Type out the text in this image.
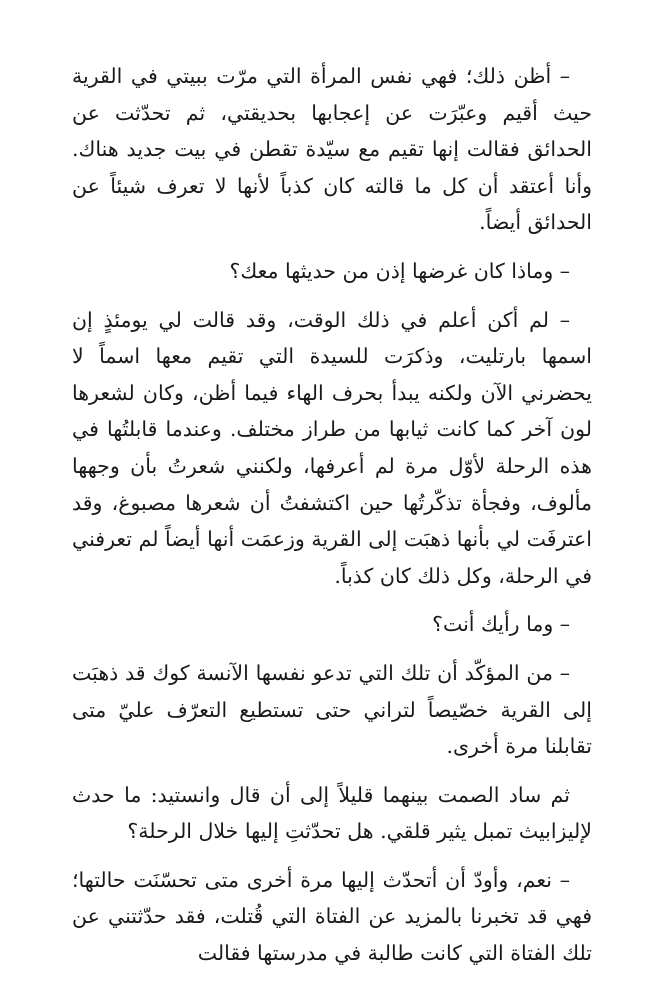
– أظن ذلك؛ فهي نفس المرأة التي مرّت ببيتي في القرية حيث أقيم وعبّرَت عن إعجابها بحديقتي، ثم تحدّثت عن الحدائق فقالت إنها تقيم مع سيّدة تقطن في بيت جديد هناك. وأنا أعتقد أن كل ما قالته كان كذباً لأنها لا تعرف شيئاً عن الحدائق أيضاً.

– وماذا كان غرضها إذن من حديثها معك؟

– لم أكن أعلم في ذلك الوقت، وقد قالت لي يومئذٍ إن اسمها بارتليت، وذكرَت للسيدة التي تقيم معها اسماً لا يحضرني الآن ولكنه يبدأ بحرف الهاء فيما أظن، وكان لشعرها لون آخر كما كانت ثيابها من طراز مختلف. وعندما قابلتُها في هذه الرحلة لأوّل مرة لم أعرفها، ولكنني شعرتُ بأن وجهها مألوف، وفجأة تذكّرتُها حين اكتشفتُ أن شعرها مصبوغ، وقد اعترفَت لي بأنها ذهبَت إلى القرية وزعمَت أنها أيضاً لم تعرفني في الرحلة، وكل ذلك كان كذباً.

– وما رأيك أنت؟

– من المؤكّد أن تلك التي تدعو نفسها الآنسة كوك قد ذهبَت إلى القرية خصّيصاً لتراني حتى تستطيع التعرّف عليّ متى تقابلنا مرة أخرى.

ثم ساد الصمت بينهما قليلاً إلى أن قال وانستيد: ما حدث لإليزابيث تمبل يثير قلقي. هل تحدّثتِ إليها خلال الرحلة؟

– نعم، وأودّ أن أتحدّث إليها مرة أخرى متى تحسّنَت حالتها؛ فهي قد تخبرنا بالمزيد عن الفتاة التي قُتلت، فقد حدّثتني عن تلك الفتاة التي كانت طالبة في مدرستها فقالت
